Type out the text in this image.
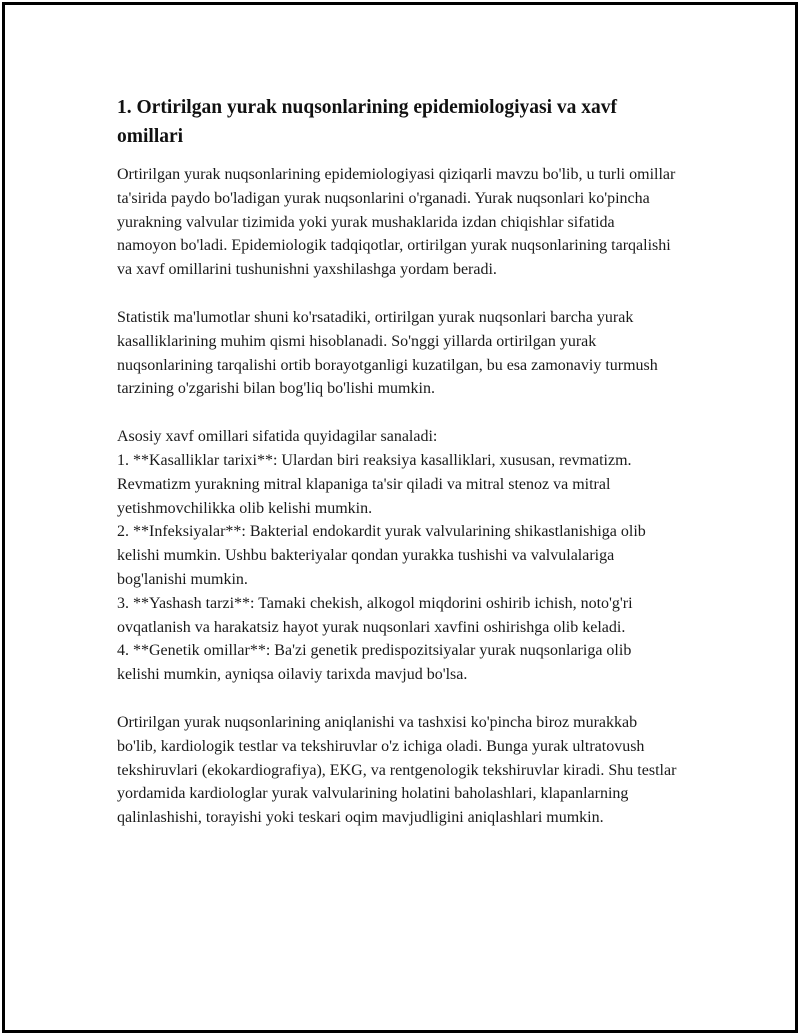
1. Ortirilgan yurak nuqsonlarining epidemiologiyasi va xavf omillari

Ortirilgan yurak nuqsonlarining epidemiologiyasi qiziqarli mavzu bo'lib, u turli omillar ta'sirida paydo bo'ladigan yurak nuqsonlarini o'rganadi. Yurak nuqsonlari ko'pincha yurakning valvular tizimida yoki yurak mushaklarida izdan chiqishlar sifatida namoyon bo'ladi. Epidemiologik tadqiqotlar, ortirilgan yurak nuqsonlarining tarqalishi va xavf omillarini tushunishni yaxshilashga yordam beradi.

Statistik ma'lumotlar shuni ko'rsatadiki, ortirilgan yurak nuqsonlari barcha yurak kasalliklarining muhim qismi hisoblanadi. So'nggi yillarda ortirilgan yurak nuqsonlarining tarqalishi ortib borayotganligi kuzatilgan, bu esa zamonaviy turmush tarzining o'zgarishi bilan bog'liq bo'lishi mumkin.

Asosiy xavf omillari sifatida quyidagilar sanaladi:
1. **Kasalliklar tarixi**: Ulardan biri reaksiya kasalliklari, xususan, revmatizm. Revmatizm yurakning mitral klapaniga ta'sir qiladi va mitral stenoz va mitral yetishmovchilikka olib kelishi mumkin.
2. **Infeksiyalar**: Bakterial endokardit yurak valvularining shikastlanishiga olib kelishi mumkin. Ushbu bakteriyalar qondan yurakka tushishi va valvulalariga bog'lanishi mumkin.
3. **Yashash tarzi**: Tamaki chekish, alkogol miqdorini oshirib ichish, noto'g'ri ovqatlanish va harakatsiz hayot yurak nuqsonlari xavfini oshirishga olib keladi.
4. **Genetik omillar**: Ba'zi genetik predispozitsiyalar yurak nuqsonlariga olib kelishi mumkin, ayniqsa oilaviy tarixda mavjud bo'lsa.

Ortirilgan yurak nuqsonlarining aniqlanishi va tashxisi ko'pincha biroz murakkab bo'lib, kardiologik testlar va tekshiruvlar o'z ichiga oladi. Bunga yurak ultratovush tekshiruvlari (ekokardiografiya), EKG, va rentgenologik tekshiruvlar kiradi. Shu testlar yordamida kardiologlar yurak valvularining holatini baholashlari, klapanlarning qalinlashishi, torayishi yoki teskari oqim mavjudligini aniqlashlari mumkin.
